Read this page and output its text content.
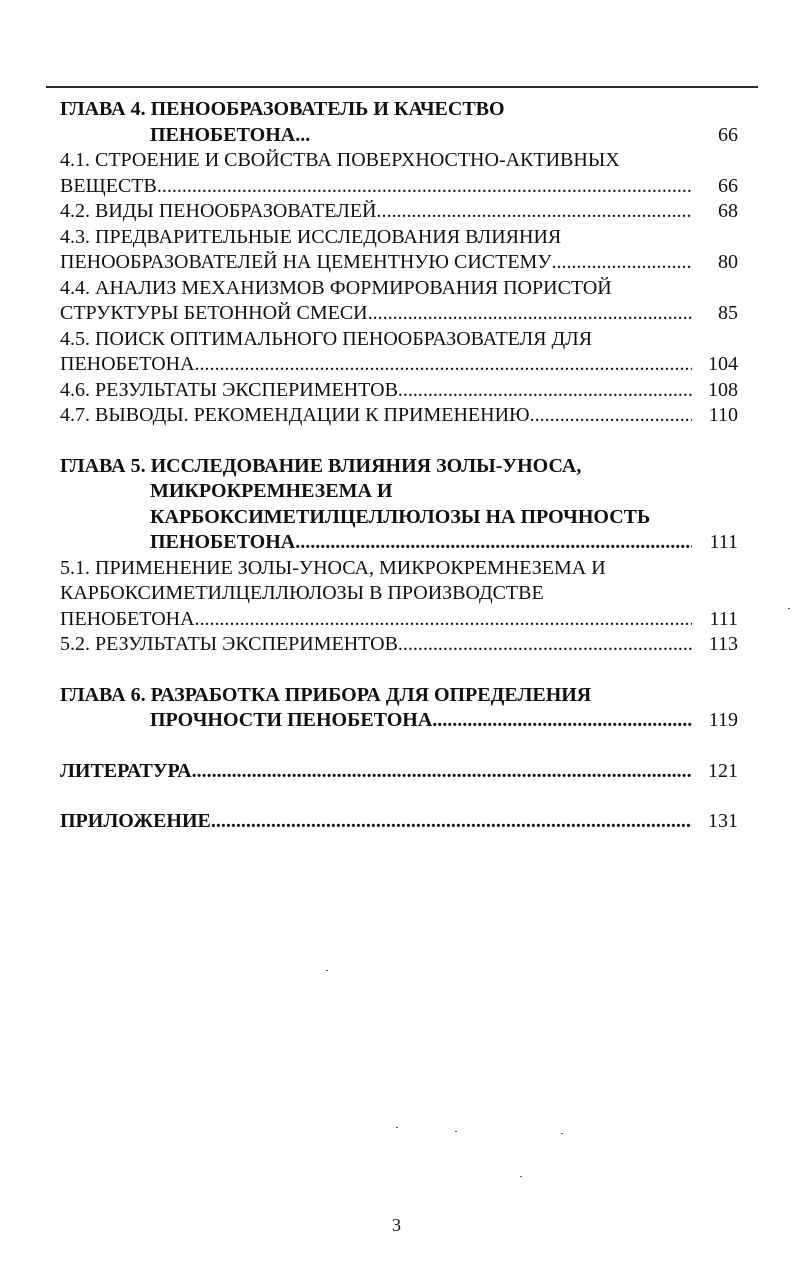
ГЛАВА 4. ПЕНООБРАЗОВАТЕЛЬ И КАЧЕСТВО
ПЕНОБЕТОНА...	66
4.1. СТРОЕНИЕ И СВОЙСТВА ПОВЕРХНОСТНО-АКТИВНЫХ
ВЕЩЕСТВ .....	66
4.2. ВИДЫ ПЕНООБРАЗОВАТЕЛЕЙ .....	68
4.3. ПРЕДВАРИТЕЛЬНЫЕ ИССЛЕДОВАНИЯ ВЛИЯНИЯ
ПЕНООБРАЗОВАТЕЛЕЙ НА ЦЕМЕНТНУЮ СИСТЕМУ .....	80
4.4. АНАЛИЗ МЕХАНИЗМОВ ФОРМИРОВАНИЯ ПОРИСТОЙ
СТРУКТУРЫ БЕТОННОЙ СМЕСИ .....	85
4.5. ПОИСК ОПТИМАЛЬНОГО ПЕНООБРАЗОВАТЕЛЯ ДЛЯ
ПЕНОБЕТОНА .....	104
4.6. РЕЗУЛЬТАТЫ ЭКСПЕРИМЕНТОВ .....	108
4.7. ВЫВОДЫ. РЕКОМЕНДАЦИИ К ПРИМЕНЕНИЮ .....	110
ГЛАВА 5. ИССЛЕДОВАНИЕ ВЛИЯНИЯ ЗОЛЫ-УНОСА,
МИКРОКРЕМНЕЗЕМА И
КАРБОКСИМЕТИЛЦЕЛЛЮЛОЗЫ НА ПРОЧНОСТЬ
ПЕНОБЕТОНА .....	111
5.1. ПРИМЕНЕНИЕ ЗОЛЫ-УНОСА, МИКРОКРЕМНЕЗЕМА И
КАРБОКСИМЕТИЛЦЕЛЛЮЛОЗЫ В ПРОИЗВОДСТВЕ
ПЕНОБЕТОНА .....	111
5.2. РЕЗУЛЬТАТЫ ЭКСПЕРИМЕНТОВ .....	113
ГЛАВА 6. РАЗРАБОТКА ПРИБОРА ДЛЯ ОПРЕДЕЛЕНИЯ
ПРОЧНОСТИ ПЕНОБЕТОНА .....	119
ЛИТЕРАТУРА .....	121
ПРИЛОЖЕНИЕ .....	131
3
